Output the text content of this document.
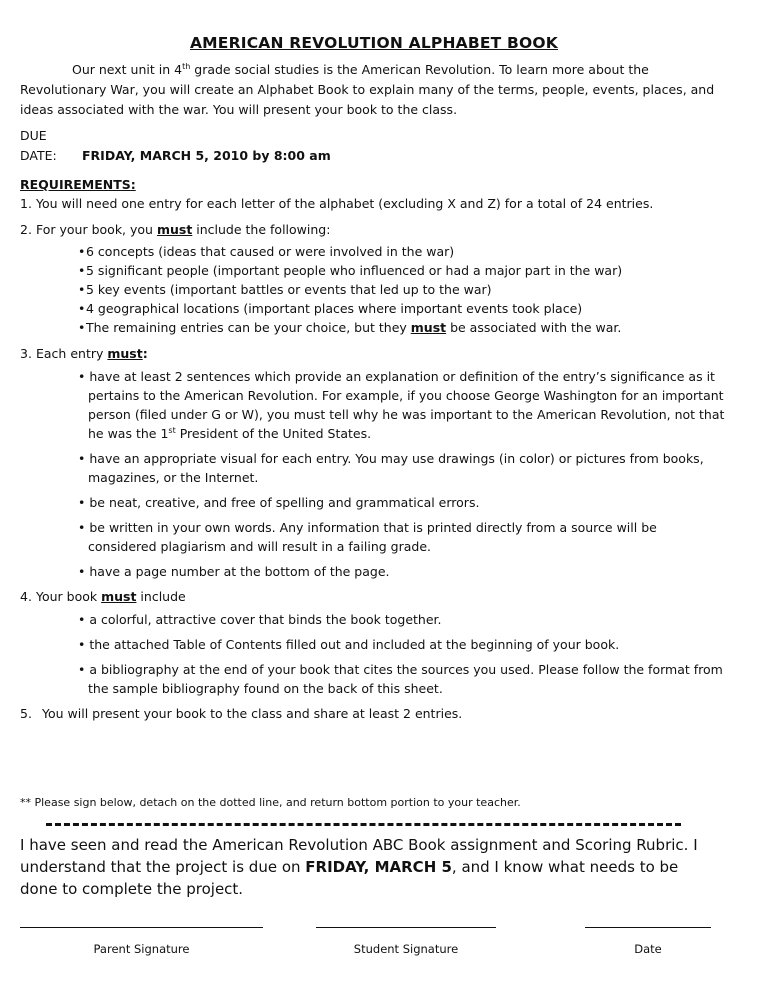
AMERICAN REVOLUTION ALPHABET BOOK

Our next unit in 4th grade social studies is the American Revolution. To learn more about the Revolutionary War, you will create an Alphabet Book to explain many of the terms, people, events, places, and ideas associated with the war. You will present your book to the class.

DUE DATE: FRIDAY, MARCH 5, 2010 by 8:00 am

REQUIREMENTS:

1. You will need one entry for each letter of the alphabet (excluding X and Z) for a total of 24 entries.

2. For your book, you must include the following:

•6 concepts (ideas that caused or were involved in the war)
•5 significant people (important people who influenced or had a major part in the war)
•5 key events (important battles or events that led up to the war)
•4 geographical locations (important places where important events took place)
•The remaining entries can be your choice, but they must be associated with the war.

3. Each entry must:

• have at least 2 sentences which provide an explanation or definition of the entry’s significance as it pertains to the American Revolution. For example, if you choose George Washington for an important person (filed under G or W), you must tell why he was important to the American Revolution, not that he was the 1st President of the United States.
• have an appropriate visual for each entry. You may use drawings (in color) or pictures from books, magazines, or the Internet.
• be neat, creative, and free of spelling and grammatical errors.
• be written in your own words. Any information that is printed directly from a source will be considered plagiarism and will result in a failing grade.
• have a page number at the bottom of the page.

4. Your book must include

• a colorful, attractive cover that binds the book together.
• the attached Table of Contents filled out and included at the beginning of your book.
• a bibliography at the end of your book that cites the sources you used. Please follow the format from the sample bibliography found on the back of this sheet.

5. You will present your book to the class and share at least 2 entries.

** Please sign below, detach on the dotted line, and return bottom portion to your teacher.

I have seen and read the American Revolution ABC Book assignment and Scoring Rubric. I understand that the project is due on FRIDAY, MARCH 5, and I know what needs to be done to complete the project.

Parent Signature	Student Signature	Date
